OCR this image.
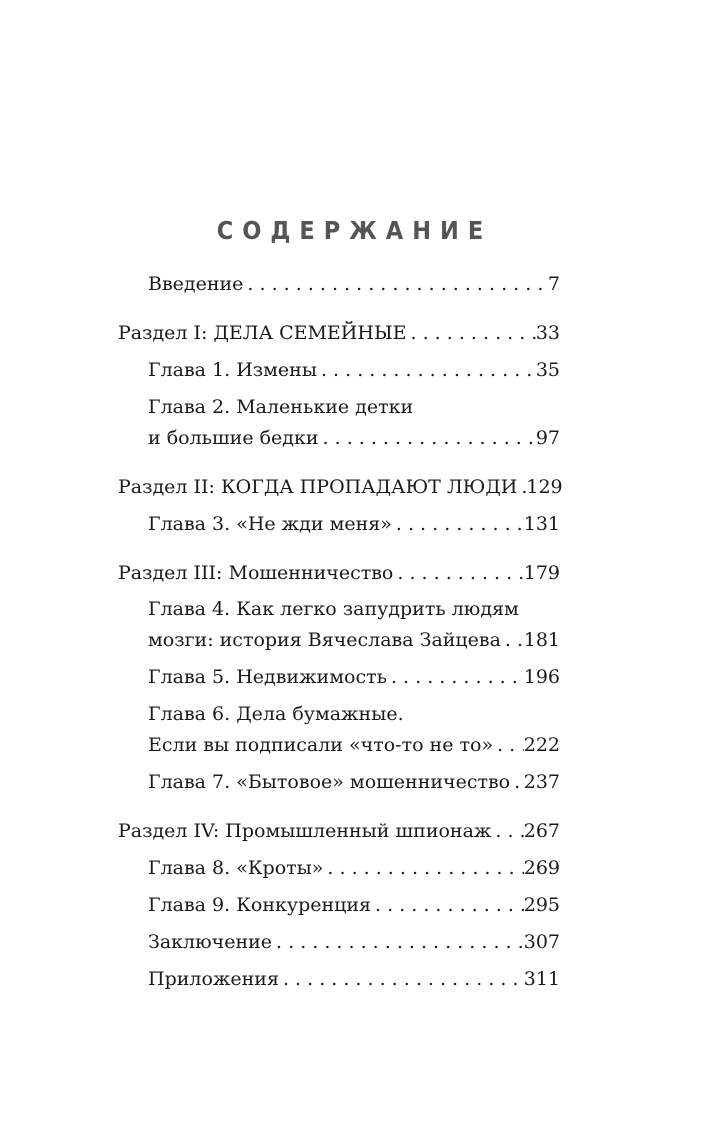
СОДЕРЖАНИЕ
Введение . . .	7
Раздел I: ДЕЛА СЕМЕЙНЫЕ . . .	33
Глава 1. Измены . . .	35
Глава 2. Маленькие детки
и большие бедки . . .	97
Раздел II: КОГДА ПРОПАДАЮТ ЛЮДИ . . . 129
Глава 3. «Не жди меня» . . .	131
Раздел III: Мошенничество . . .	179
Глава 4. Как легко запудрить людям
мозги: история Вячеслава Зайцева . . . 181
Глава 5. Недвижимость . . .	196
Глава 6. Дела бумажные.
Если вы подписали «что-то не то» . . . 222
Глава 7. «Бытовое» мошенничество . . . 237
Раздел IV: Промышленный шпионаж . . . 267
Глава 8. «Кроты» . . .	269
Глава 9. Конкуренция . . .	295
Заключение . . .	307
Приложения . . .	311
